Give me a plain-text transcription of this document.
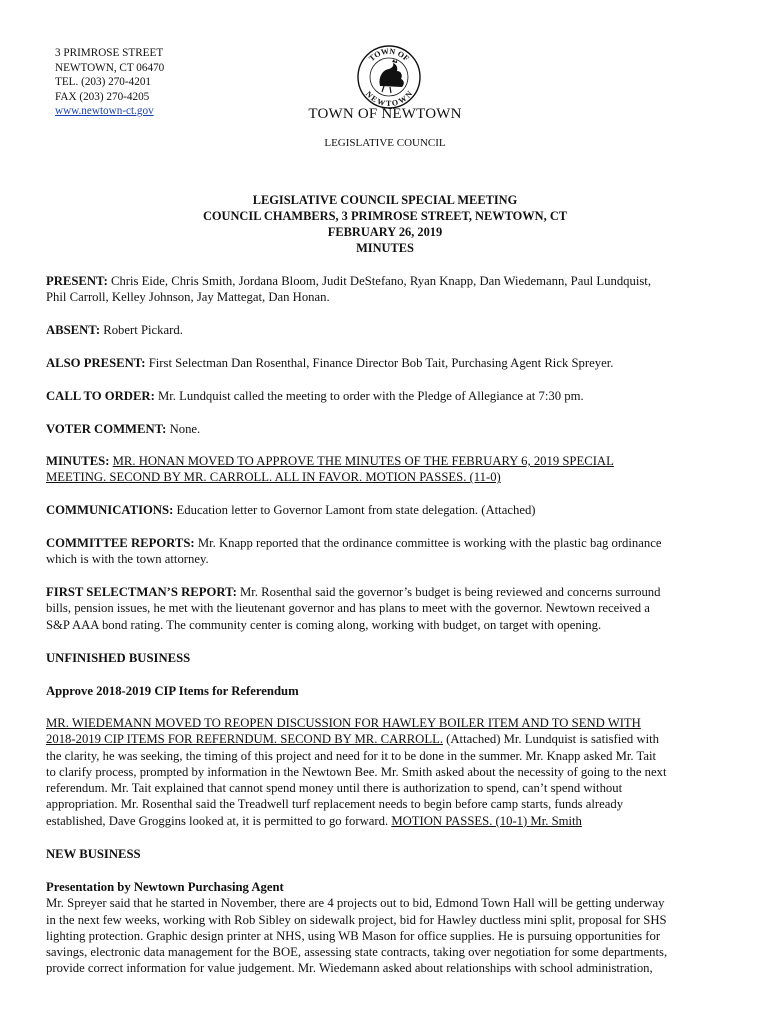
3 PRIMROSE STREET
NEWTOWN, CT 06470
TEL. (203) 270-4201
FAX (203) 270-4205
www.newtown-ct.gov
TOWN OF
NEWTOWN
TOWN OF NEWTOWN
LEGISLATIVE COUNCIL
LEGISLATIVE COUNCIL SPECIAL MEETING
COUNCIL CHAMBERS, 3 PRIMROSE STREET, NEWTOWN, CT
FEBRUARY 26, 2019
MINUTES
PRESENT: Chris Eide, Chris Smith, Jordana Bloom, Judit DeStefano, Ryan Knapp, Dan Wiedemann, Paul Lundquist,
Phil Carroll, Kelley Johnson, Jay Mattegat, Dan Honan.
ABSENT: Robert Pickard.
ALSO PRESENT: First Selectman Dan Rosenthal, Finance Director Bob Tait, Purchasing Agent Rick Spreyer.
CALL TO ORDER: Mr. Lundquist called the meeting to order with the Pledge of Allegiance at 7:30 pm.
VOTER COMMENT: None.
MINUTES: MR. HONAN MOVED TO APPROVE THE MINUTES OF THE FEBRUARY 6, 2019 SPECIAL
MEETING. SECOND BY MR. CARROLL. ALL IN FAVOR. MOTION PASSES. (11-0)
COMMUNICATIONS: Education letter to Governor Lamont from state delegation. (Attached)
COMMITTEE REPORTS: Mr. Knapp reported that the ordinance committee is working with the plastic bag ordinance
which is with the town attorney.
FIRST SELECTMAN’S REPORT: Mr. Rosenthal said the governor’s budget is being reviewed and concerns surround
bills, pension issues, he met with the lieutenant governor and has plans to meet with the governor. Newtown received a
S&P AAA bond rating. The community center is coming along, working with budget, on target with opening.
UNFINISHED BUSINESS
Approve 2018-2019 CIP Items for Referendum
MR. WIEDEMANN MOVED TO REOPEN DISCUSSION FOR HAWLEY BOILER ITEM AND TO SEND WITH
2018-2019 CIP ITEMS FOR REFERNDUM. SECOND BY MR. CARROLL. (Attached) Mr. Lundquist is satisfied with
the clarity, he was seeking, the timing of this project and need for it to be done in the summer. Mr. Knapp asked Mr. Tait
to clarify process, prompted by information in the Newtown Bee. Mr. Smith asked about the necessity of going to the next
referendum. Mr. Tait explained that cannot spend money until there is authorization to spend, can’t spend without
appropriation. Mr. Rosenthal said the Treadwell turf replacement needs to begin before camp starts, funds already
established, Dave Groggins looked at, it is permitted to go forward. MOTION PASSES. (10-1) Mr. Smith
NEW BUSINESS
Presentation by Newtown Purchasing Agent
Mr. Spreyer said that he started in November, there are 4 projects out to bid, Edmond Town Hall will be getting underway
in the next few weeks, working with Rob Sibley on sidewalk project, bid for Hawley ductless mini split, proposal for SHS
lighting protection. Graphic design printer at NHS, using WB Mason for office supplies. He is pursuing opportunities for
savings, electronic data management for the BOE, assessing state contracts, taking over negotiation for some departments,
provide correct information for value judgement. Mr. Wiedemann asked about relationships with school administration,
